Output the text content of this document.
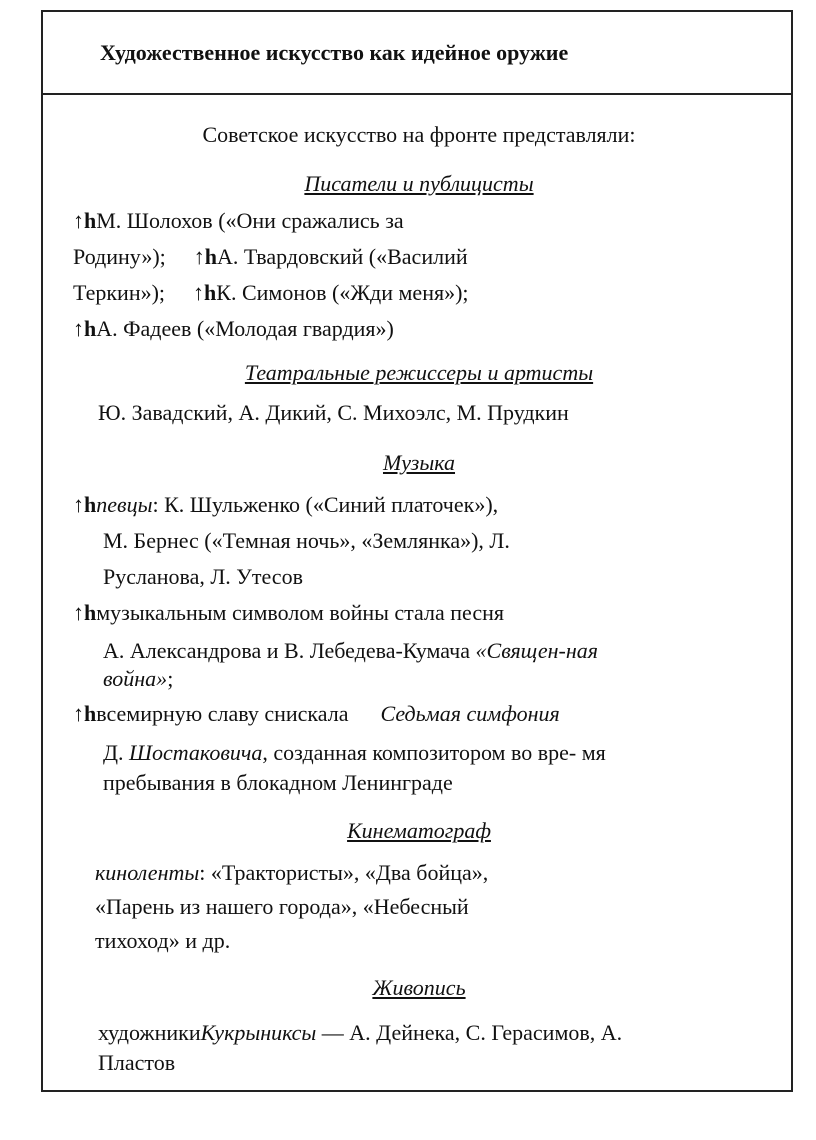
Художественное искусство как идейное оружие
Советское искусство на фронте представляли:
Писатели и публицисты
↑hМ. Шолохов («Они сражались за
Родину»); ↑hА. Твардовский («Василий
Теркин»); ↑hК. Симонов («Жди меня»);
↑hА. Фадеев («Молодая гвардия»)
Театральные режиссеры и артисты
Ю. Завадский, А. Дикий, С. Михоэлс, М. Прудкин
Музыка
↑hпевцы: К. Шульженко («Синий платочек»),
М. Бернес («Темная ночь», «Землянка»), Л.
Русланова, Л. Утесов
↑hмузыкальным символом войны стала песня
А. Александрова и В. Лебедева-Кумача «Священ-ная
война»;
↑hвсемирную славу снискала Седьмая симфония
Д. Шостаковича, созданная композитором во вре- мя
пребывания в блокадном Ленинграде
Кинематограф
киноленты: «Трактористы», «Два бойца»,
«Парень из нашего города», «Небесный
тихоход» и др.
Живопись
художникиКукрыниксы — А. Дейнека, С. Герасимов, А.
Пластов
